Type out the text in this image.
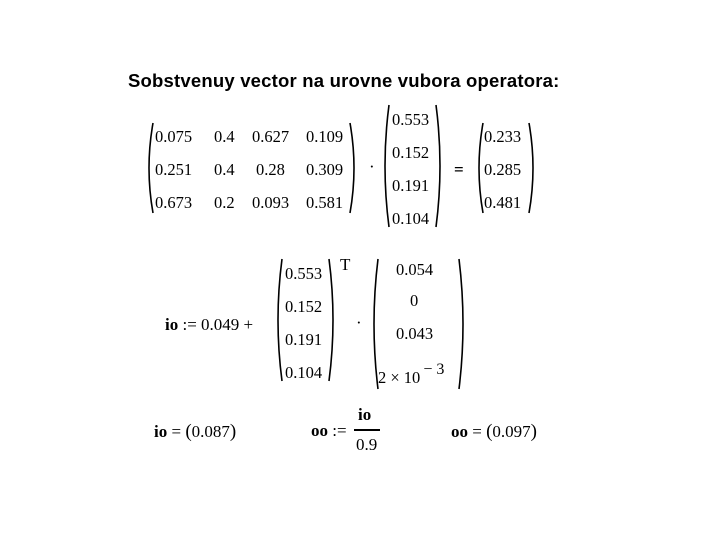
Sobstvenuy vector na urovne vubora operatora:
0.075 0.4 0.627 0.109
0.251 0.4 0.28 0.309
0.673 0.2 0.093 0.581
·
0.553
0.152
0.191
0.104
=
0.233
0.285
0.481
io := 0.049 +
0.553
0.152
0.191
0.104
T
·
0.054
0
0.043
2 × 10 − 3
io = (0.087)	oo :=
io
0.9
oo = (0.097)
